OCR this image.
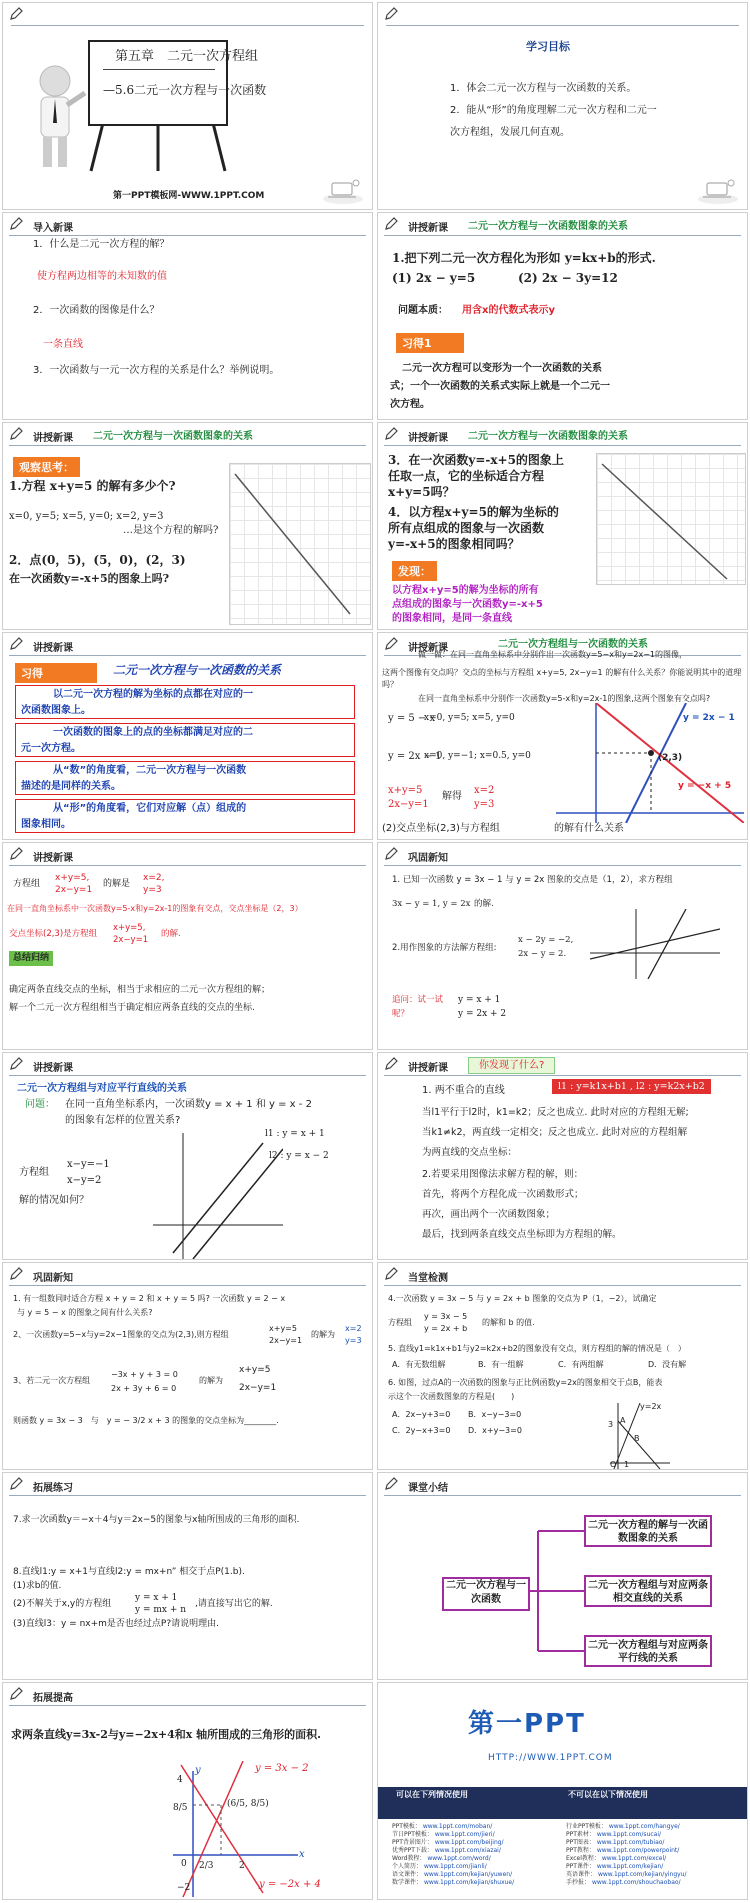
第五章　二元一次方程组
—5.6二元一次方程与一次函数
第一PPT模板网-WWW.1PPT.COM
学习目标
1．体会二元一次方程与一次函数的关系。
2．能从“形”的角度理解二元一次方程和二元一
次方程组，发展几何直观。
导入新课
1．什么是二元一次方程的解？
使方程两边相等的未知数的值
2．一次函数的图像是什么？
一条直线
3．一次函数与一元一次方程的关系是什么？举例说明。
讲授新课 二元一次方程与一次函数图象的关系
1.把下列二元一次方程化为形如 y=kx+b的形式.
(1) 2x − y=5	(2) 2x − 3y=12
问题本质： 用含x的代数式表示y
习得1
二元一次方程可以变形为一个一次函数的关系
式；一个一次函数的关系式实际上就是一个二元一
次方程。
讲授新课 二元一次方程与一次函数图象的关系
观察思考：
1.方程 x+y=5 的解有多少个?
x=0, y=5; x=5, y=0; x=2, y=3
…是这个方程的解吗?
2．点(0，5)，(5，0)，(2，3)
在一次函数y=-x+5的图象上吗?
讲授新课 二元一次方程与一次函数图象的关系
3．在一次函数y=-x+5的图象上
任取一点，它的坐标适合方程
x+y=5吗？
4．以方程x+y=5的解为坐标的
所有点组成的图象与一次函数
y=-x+5的图象相同吗？
发现：
以方程x+y=5的解为坐标的所有
点组成的图象与一次函数y=-x+5
的图象相同，是同一条直线
讲授新课
习得	二元一次方程与一次函数的关系
以二元一次方程的解为坐标的点都在对应的一
次函数图象上。
一次函数的图象上的点的坐标都满足对应的二
元一次方程。
从“数”的角度看，二元一次方程与一次函数
描述的是同样的关系。
从“形”的角度看，它们对应解（点）组成的
图象相同。
讲授新课	二元一次方程组与一次函数的关系
做一做：在同一直角坐标系中分别作出一次函数y=5−x和y=2x−1的图像，
这两个图像有交点吗？交点的坐标与方程组 x+y=5, 2x−y=1 的解有什么关系？你能说明其中的道理吗？
在同一直角坐标系中分别作一次函数y=5-x和y=2x-1的图象,这两个图象有交点吗?
y = 5 − x
x=0, y=5; x=5, y=0
y = 2x − 1
x=0, y=−1; x=0.5, y=0
x+y=5
2x−y=1
解得
x=2
y=3
(2)交点坐标(2,3)与方程组	的解有什么关系
(2,3)
y = 2x − 1
y = −x + 5
讲授新课
方程组
x+y=5,
2x−y=1
的解是
x=2,
y=3
在同一直角坐标系中一次函数y=5-x和y=2x-1的图象有交点，交点坐标是（2，3）
交点坐标(2,3)是方程组
x+y=5,
2x−y=1
的解.
总结归纳
确定两条直线交点的坐标，相当于求相应的二元一次方程组的解；
解一个二元一次方程组相当于确定相应两条直线的交点的坐标.
巩固新知
1. 已知一次函数 y = 3x − 1 与 y = 2x 图象的交点是（1，2），求方程组
3x − y = 1, y = 2x 的解.
2.用作图象的方法解方程组:
x − 2y = −2,
2x − y = 2.
追问：试一试
呢？
y = x + 1
y = 2x + 2
讲授新课
二元一次方程组与对应平行直线的关系
问题： 在同一直角坐标系内，一次函数y = x + 1 和 y = x - 2
的图象有怎样的位置关系?
方程组
x−y=−1
x−y=2
解的情况如何？
l1 : y = x + 1
l2 : y = x − 2
讲授新课	你发现了什么?
l1 : y=k1x+b1 , l2 : y=k2x+b2
1. 两不重合的直线
当l1平行于l2时，k1=k2；反之也成立. 此时对应的方程组无解;
当k1≠k2，两直线一定相交；反之也成立. 此时对应的方程组解
为两直线的交点坐标：
2.若要采用图像法求解方程的解，则：
首先，将两个方程化成一次函数形式；
再次，画出两个一次函数图象；
最后，找到两条直线交点坐标即为方程组的解。
巩固新知
1. 有一组数同时适合方程 x + y = 2 和 x + y = 5 吗? 一次函数 y = 2 − x
与 y = 5 − x 的图象之间有什么关系?
2、一次函数y=5−x与y=2x−1图象的交点为(2,3),则方程组
x+y=5
2x−y=1
的解为
x=2
y=3
3、若二元一次方程组
−3x + y + 3 = 0
2x + 3y + 6 = 0
的解为
x+y=5
2x−y=1
则函数 y = 3x − 3　与　y = − 3/2 x + 3 的图象的交点坐标为________.
当堂检测
4.一次函数 y = 3x − 5 与 y = 2x + b 图象的交点为 P（1，−2），试确定
方程组
y = 3x − 5
y = 2x + b
的解和 b 的值.
5. 直线y1=k1x+b1与y2=k2x+b2的图象没有交点，则方程组的解的情况是（　）
A．有无数组解	B．有一组解	C．有两组解	D．没有解
6. 如图，过点A的一次函数的图象与正比例函数y=2x的图象相交于点B，能表
示这个一次函数图象的方程是(　　)
A．2x−y+3=0 B．x−y−3=0
C．2y−x+3=0 D．x+y−3=0
y=2x
A
B
O 1
3
拓展练习
7.求一次函数y＝−x＋4与y＝2x−5的图象与x轴所围成的三角形的面积.
8.直线l1:y = x+1与直线l2:y = mx+n” 相交于点P(1.b).
(1)求b的值.
(2)不解关于x,y的方程组
y = x + 1
y = mx + n
,请直接写出它的解.
(3)直线l3：y = nx+m是否也经过点P?请说明理由.
课堂小结
二元一次方程与一次函数
二元一次方程的解与一次函数图象的关系
二元一次方程组与对应两条相交直线的关系
二元一次方程组与对应两条平行线的关系
拓展提高
求两条直线y=3x-2与y=−2x+4和x 轴所围成的三角形的面积.
y = 3x − 2
y = −2x + 4
(6/5, 8/5)
4
8/5
0
−2
2/3	2
x
y
第一PPT
HTTP://WWW.1PPT.COM
可以在下列情况使用	不可以在以下情况使用
PPT模板： www.1ppt.com/moban/
节日PPT模板： www.1ppt.com/jieri/
PPT背景图片： www.1ppt.com/beijing/
优秀PPT下载： www.1ppt.com/xiazai/
Word教程： www.1ppt.com/word/
个人简历： www.1ppt.com/jianli/
语文课件： www.1ppt.com/kejian/yuwen/
数学课件： www.1ppt.com/kejian/shuxue/
行业PPT模板： www.1ppt.com/hangye/
PPT素材： www.1ppt.com/sucai/
PPT图表： www.1ppt.com/tubiao/
PPT教程： www.1ppt.com/powerpoint/
Excel教程： www.1ppt.com/excel/
PPT课件： www.1ppt.com/kejian/
英语课件： www.1ppt.com/kejian/yingyu/
手抄报： www.1ppt.com/shouchaobao/
